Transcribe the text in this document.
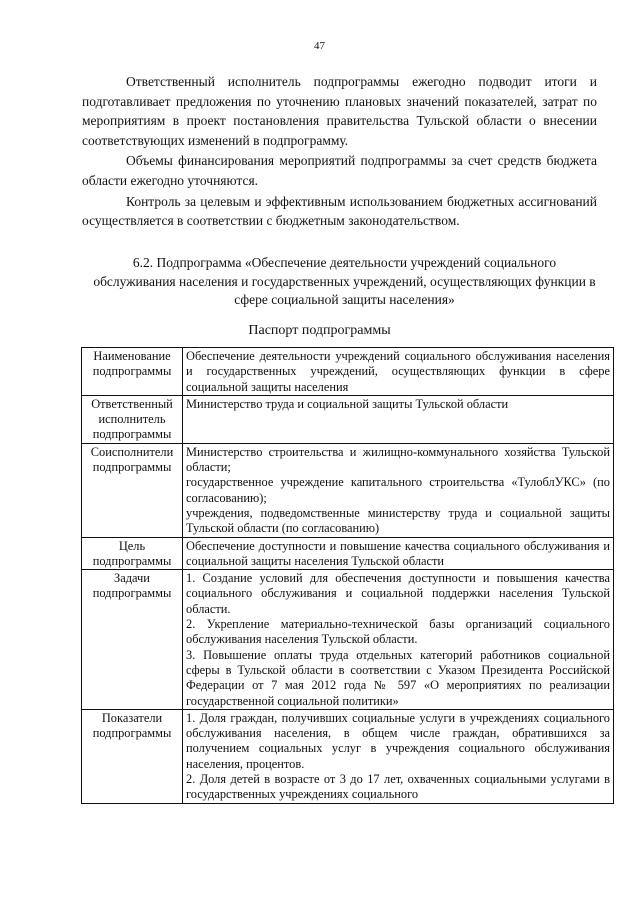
47

Ответственный исполнитель подпрограммы ежегодно подводит итоги и подготавливает предложения по уточнению плановых значений показателей, затрат по мероприятиям в проект постановления правительства Тульской области о внесении соответствующих изменений в подпрограмму.

Объемы финансирования мероприятий подпрограммы за счет средств бюджета области ежегодно уточняются.

Контроль за целевым и эффективным использованием бюджетных ассигнований осуществляется в соответствии с бюджетным законодательством.

6.2. Подпрограмма «Обеспечение деятельности учреждений социального обслуживания населения и государственных учреждений, осуществляющих функции в сфере социальной защиты населения»
Паспорт подпрограммы
Наименование подпрограммы	Обеспечение деятельности учреждений социального обслуживания населения и государственных учреждений, осуществляющих функции в сфере социальной защиты населения

Ответственный исполнитель подпрограммы	Министерство труда и социальной защиты Тульской области

Соисполнители подпрограммы	Министерство строительства и жилищно-коммунального хозяйства Тульской области;
государственное учреждение капитального строительства «ТулоблУКС» (по согласованию);
учреждения, подведомственные министерству труда и социальной защиты Тульской области (по согласованию)

Цель подпрограммы	Обеспечение доступности и повышение качества социального обслуживания и социальной защиты населения Тульской области

Задачи подпрограммы	1. Создание условий для обеспечения доступности и повышения качества социального обслуживания и социальной поддержки населения Тульской области.
2. Укрепление материально-технической базы организаций социального обслуживания населения Тульской области.
3. Повышение оплаты труда отдельных категорий работников социальной сферы в Тульской области в соответствии с Указом Президента Российской Федерации от 7 мая 2012 года № 597 «О мероприятиях по реализации государственной социальной политики»

Показатели подпрограммы	1. Доля граждан, получивших социальные услуги в учреждениях социального обслуживания населения, в общем числе граждан, обратившихся за получением социальных услуг в учреждения социального обслуживания населения, процентов.
2. Доля детей в возрасте от 3 до 17 лет, охваченных социальными услугами в государственных учреждениях социального
